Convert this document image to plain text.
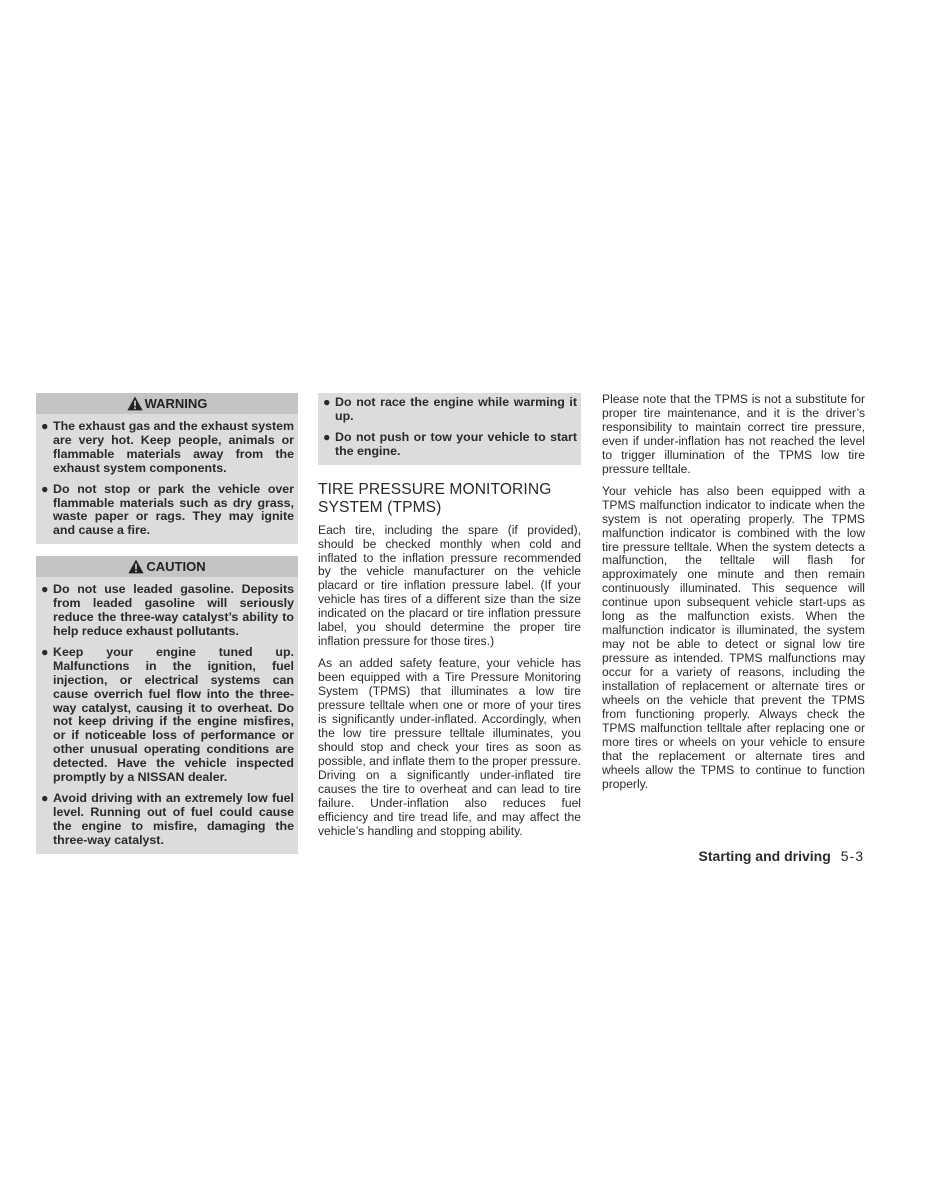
WARNING
● The exhaust gas and the exhaust system are very hot. Keep people, animals or flammable materials away from the exhaust system components.
● Do not stop or park the vehicle over flammable materials such as dry grass, waste paper or rags. They may ignite and cause a fire.
CAUTION
● Do not use leaded gasoline. Deposits from leaded gasoline will seriously reduce the three-way catalyst’s ability to help reduce exhaust pollutants.
● Keep your engine tuned up. Malfunctions in the ignition, fuel injection, or electrical systems can cause overrich fuel flow into the three-way catalyst, causing it to overheat. Do not keep driving if the engine misfires, or if noticeable loss of performance or other unusual operating conditions are detected. Have the vehicle inspected promptly by a NISSAN dealer.
● Avoid driving with an extremely low fuel level. Running out of fuel could cause the engine to misfire, damaging the three-way catalyst.
● Do not race the engine while warming it up.
● Do not push or tow your vehicle to start the engine.
TIRE PRESSURE MONITORING SYSTEM (TPMS)

Each tire, including the spare (if provided), should be checked monthly when cold and inflated to the inflation pressure recommended by the vehicle manufacturer on the vehicle placard or tire inflation pressure label. (If your vehicle has tires of a different size than the size indicated on the placard or tire inflation pressure label, you should determine the proper tire inflation pressure for those tires.)

As an added safety feature, your vehicle has been equipped with a Tire Pressure Monitoring System (TPMS) that illuminates a low tire pressure telltale when one or more of your tires is significantly under-inflated. Accordingly, when the low tire pressure telltale illuminates, you should stop and check your tires as soon as possible, and inflate them to the proper pressure. Driving on a significantly under-inflated tire causes the tire to overheat and can lead to tire failure. Under-inflation also reduces fuel efficiency and tire tread life, and may affect the vehicle’s handling and stopping ability.

Please note that the TPMS is not a substitute for proper tire maintenance, and it is the driver’s responsibility to maintain correct tire pressure, even if under-inflation has not reached the level to trigger illumination of the TPMS low tire pressure telltale.

Your vehicle has also been equipped with a TPMS malfunction indicator to indicate when the system is not operating properly. The TPMS malfunction indicator is combined with the low tire pressure telltale. When the system detects a malfunction, the telltale will flash for approximately one minute and then remain continuously illuminated. This sequence will continue upon subsequent vehicle start-ups as long as the malfunction exists. When the malfunction indicator is illuminated, the system may not be able to detect or signal low tire pressure as intended. TPMS malfunctions may occur for a variety of reasons, including the installation of replacement or alternate tires or wheels on the vehicle that prevent the TPMS from functioning properly. Always check the TPMS malfunction telltale after replacing one or more tires or wheels on your vehicle to ensure that the replacement or alternate tires and wheels allow the TPMS to continue to function properly.

Starting and driving 5-3
